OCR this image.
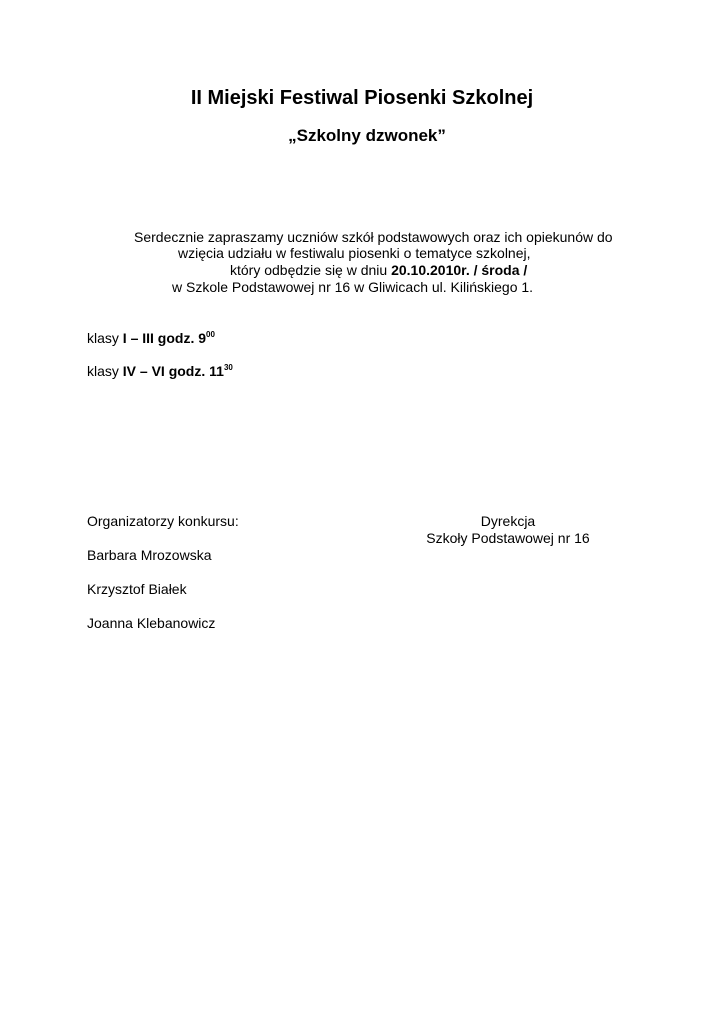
II Miejski Festiwal Piosenki Szkolnej
„Szkolny dzwonek”
Serdecznie zapraszamy uczniów szkół podstawowych oraz ich opiekunów do
wzięcia udziału w festiwalu piosenki o tematyce szkolnej,
który odbędzie się w dniu 20.10.2010r. / środa /
w Szkole Podstawowej nr 16 w Gliwicach ul. Kilińskiego 1.
klasy I – III godz. $9^{00}$
klasy IV – VI godz. $11^{30}$
Organizatorzy konkursu:
Barbara Mrozowska
Krzysztof Białek
Joanna Klebanowicz
Dyrekcja
Szkoły Podstawowej nr 16
